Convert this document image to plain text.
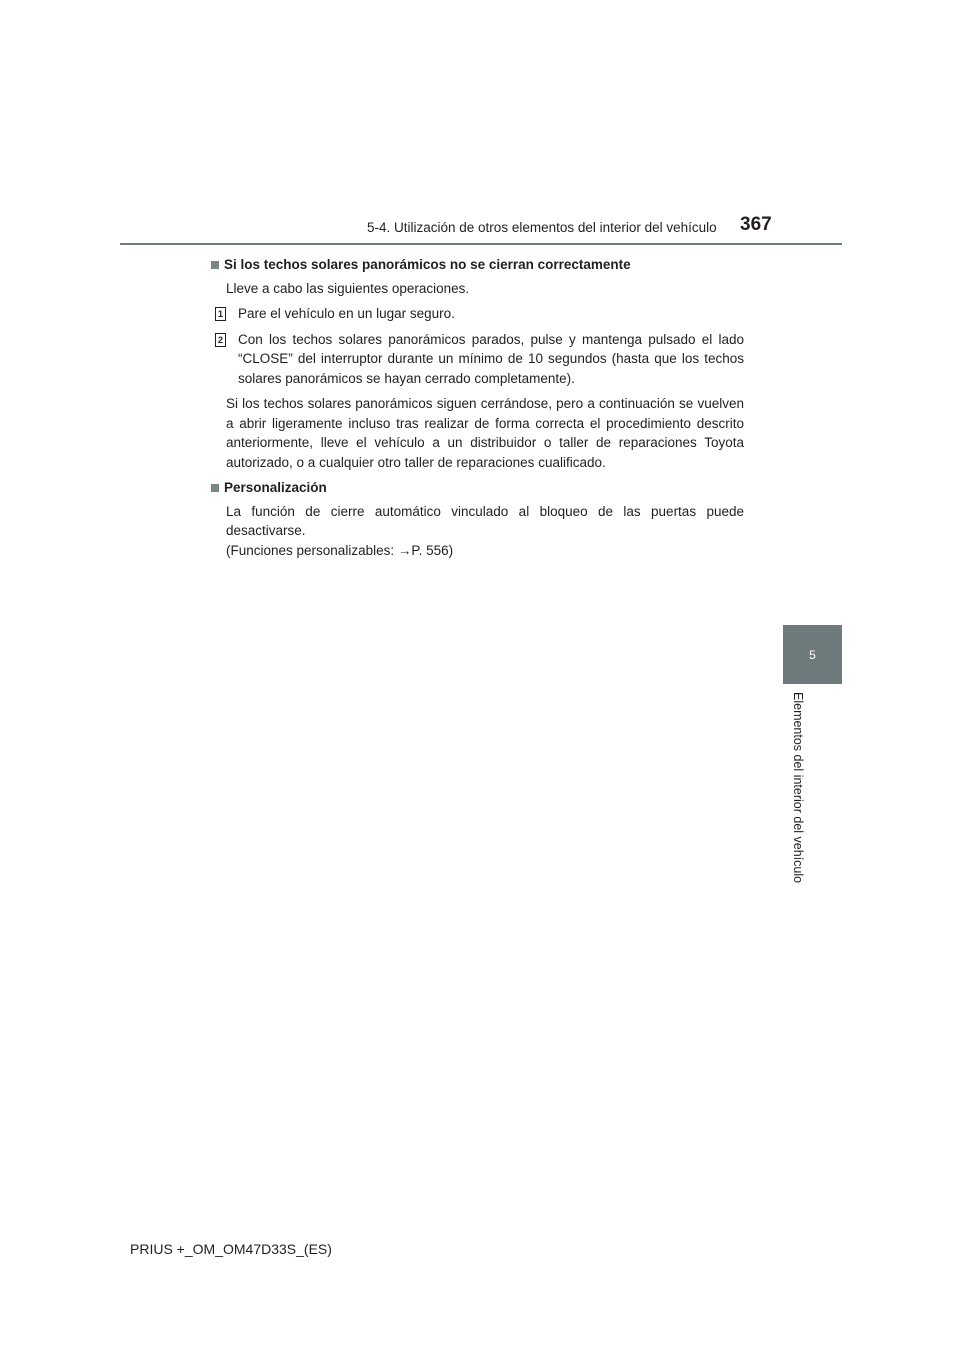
5-4. Utilización de otros elementos del interior del vehículo 367
Si los techos solares panorámicos no se cierran correctamente

Lleve a cabo las siguientes operaciones.

1 Pare el vehículo en un lugar seguro.
2 Con los techos solares panorámicos parados, pulse y mantenga pulsado el lado “CLOSE” del interruptor durante un mínimo de 10 segundos (hasta que los techos solares panorámicos se hayan cerrado completamente).

Si los techos solares panorámicos siguen cerrándose, pero a continuación se vuelven a abrir ligeramente incluso tras realizar de forma correcta el procedimiento descrito anteriormente, lleve el vehículo a un distribuidor o taller de reparaciones Toyota autorizado, o a cualquier otro taller de reparaciones cualificado.

Personalización

La función de cierre automático vinculado al bloqueo de las puertas puede desactivarse.

(Funciones personalizables: →P. 556)

5
Elementos del interior del vehículo
PRIUS +_OM_OM47D33S_(ES)
